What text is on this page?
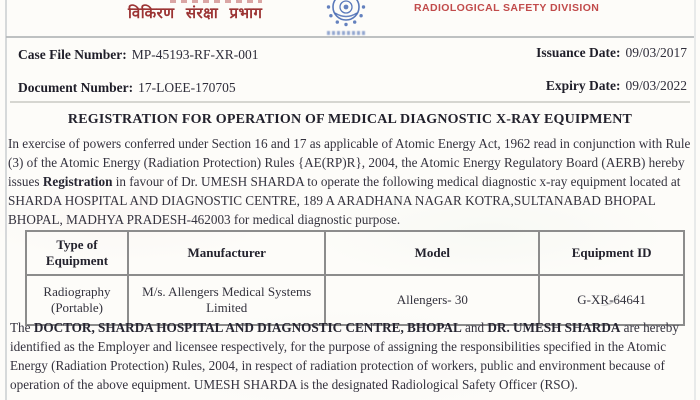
विकिरण संरक्षा प्रभाग	RADIOLOGICAL SAFETY DIVISION
Case File Number: MP-45193-RF-XR-001	Issuance Date: 09/03/2017
Document Number: 17-LOEE-170705	Expiry Date: 09/03/2022
REGISTRATION FOR OPERATION OF MEDICAL DIAGNOSTIC X-RAY EQUIPMENT
In exercise of powers conferred under Section 16 and 17 as applicable of Atomic Energy Act, 1962 read in conjunction with Rule (3) of the Atomic Energy (Radiation Protection) Rules {AE(RP)R}, 2004, the Atomic Energy Regulatory Board (AERB) hereby issues Registration in favour of Dr. UMESH SHARDA to operate the following medical diagnostic x-ray equipment located at SHARDA HOSPITAL AND DIAGNOSTIC CENTRE, 189 A ARADHANA NAGAR KOTRA,SULTANABAD BHOPAL BHOPAL, MADHYA PRADESH-462003 for medical diagnostic purpose.
Type of Equipment	Manufacturer	Model	Equipment ID
Radiography (Portable)	M/s. Allengers Medical Systems Limited	Allengers- 30	G-XR-64641
The DOCTOR, SHARDA HOSPITAL AND DIAGNOSTIC CENTRE, BHOPAL and DR. UMESH SHARDA are hereby identified as the Employer and licensee respectively, for the purpose of assigning the responsibilities specified in the Atomic Energy (Radiation Protection) Rules, 2004, in respect of radiation protection of workers, public and environment because of operation of the above equipment. UMESH SHARDA is the designated Radiological Safety Officer (RSO).
